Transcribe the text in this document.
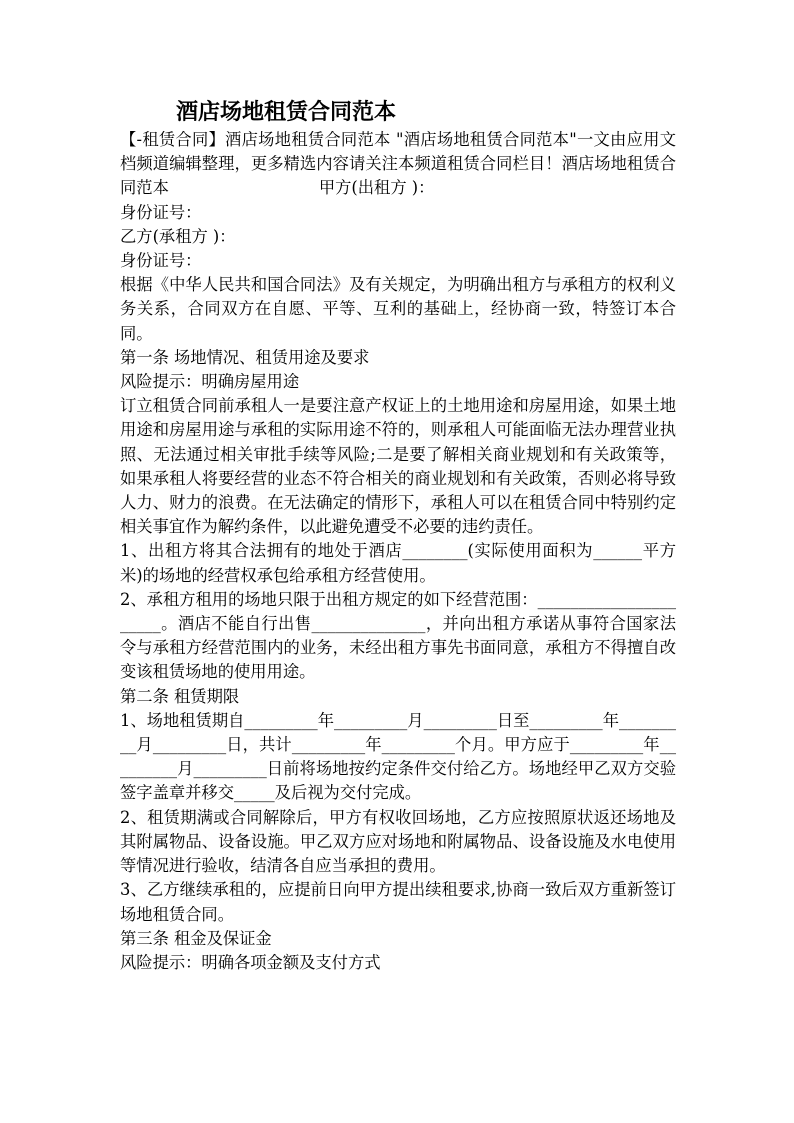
酒店场地租赁合同范本

【-租赁合同】酒店场地租赁合同范本 "酒店场地租赁合同范本"一文由应用文档频道编辑整理，更多精选内容请关注本频道租赁合同栏目！酒店场地租赁合同范本	甲方(出租方 )：

身份证号：

乙方(承租方 )：

身份证号：

根据《中华人民共和国合同法》及有关规定，为明确出租方与承租方的权利义务关系，合同双方在自愿、平等、互利的基础上，经协商一致，特签订本合同。

第一条 场地情况、租赁用途及要求

风险提示：明确房屋用途

订立租赁合同前承租人一是要注意产权证上的土地用途和房屋用途，如果土地用途和房屋用途与承租的实际用途不符的，则承租人可能面临无法办理营业执照、无法通过相关审批手续等风险;二是要了解相关商业规划和有关政策等，如果承租人将要经营的业态不符合相关的商业规划和有关政策，否则必将导致人力、财力的浪费。在无法确定的情形下，承租人可以在租赁合同中特别约定相关事宜作为解约条件，以此避免遭受不必要的违约责任。

1、出租方将其合法拥有的地处于酒店________(实际使用面积为______平方米)的场地的经营权承包给承租方经营使用。

2、承租方租用的场地只限于出租方规定的如下经营范围：______________________。酒店不能自行出售______________，并向出租方承诺从事符合国家法令与承租方经营范围内的业务，未经出租方事先书面同意，承租方不得擅自改变该租赁场地的使用用途。

第二条 租赁期限

1、场地租赁期自_________年_________月_________日至_________年_________月_________日，共计_________年_________个月。甲方应于_________年_________月_________日前将场地按约定条件交付给乙方。场地经甲乙双方交验签字盖章并移交_____及后视为交付完成。

2、租赁期满或合同解除后，甲方有权收回场地，乙方应按照原状返还场地及其附属物品、设备设施。甲乙双方应对场地和附属物品、设备设施及水电使用等情况进行验收，结清各自应当承担的费用。

3、乙方继续承租的，应提前日向甲方提出续租要求,协商一致后双方重新签订场地租赁合同。

第三条 租金及保证金

风险提示：明确各项金额及支付方式
